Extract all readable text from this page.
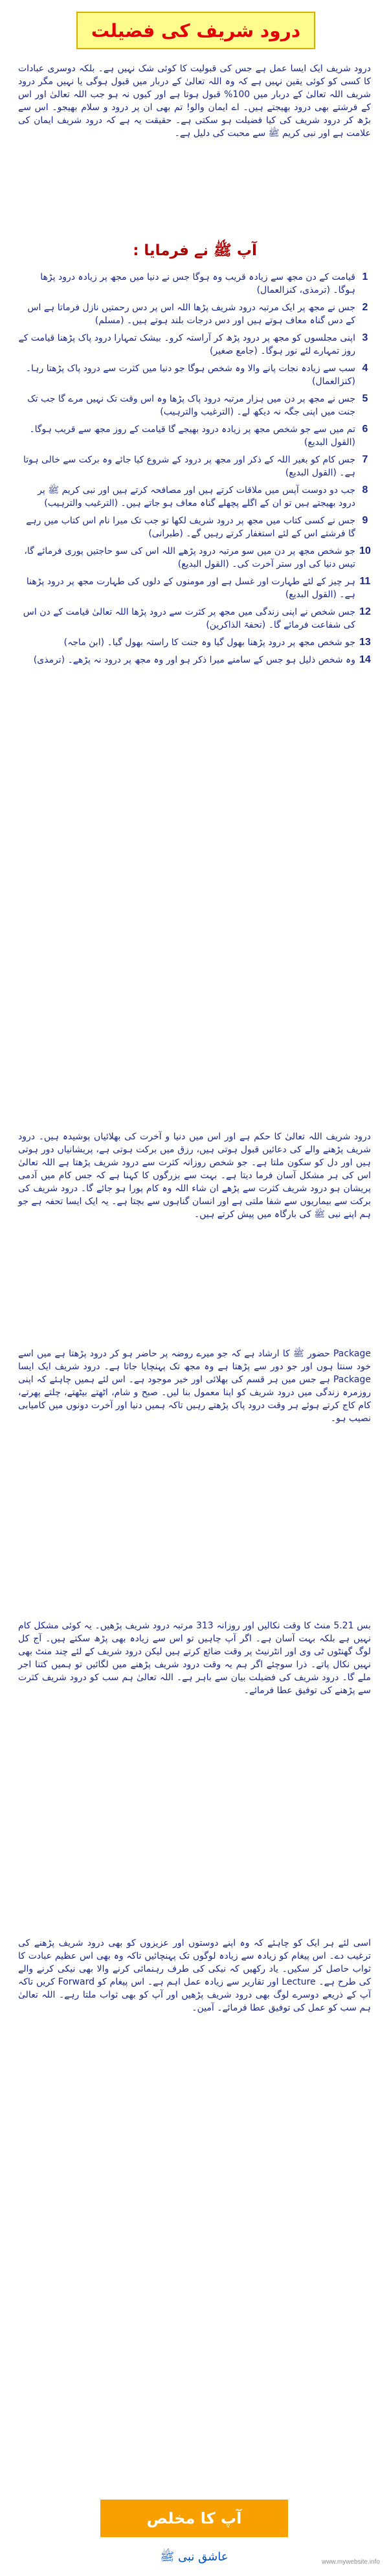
درود شریف کی فضیلت
درود شریف ایک ایسا عمل ہے جس کی قبولیت کا کوئی شک نہیں ہے۔ بلکہ دوسری عبادات کا کسی کو کوئی یقین نہیں ہے کہ وہ اللہ تعالیٰ کے دربار میں قبول ہوگی یا نہیں مگر درود شریف اللہ تعالیٰ کے دربار میں 100% قبول ہوتا ہے اور کیوں نہ ہو جب اللہ تعالیٰ اور اس کے فرشتے بھی درود بھیجتے ہیں۔ اے ایمان والو! تم بھی ان پر درود و سلام بھیجو۔ اس سے بڑھ کر درود شریف کی کیا فضیلت ہو سکتی ہے۔ حقیقت یہ ہے کہ درود شریف ایمان کی علامت ہے اور نبی کریم ﷺ سے محبت کی دلیل ہے۔
آپ ﷺ نے فرمایا :
1
قیامت کے دن مجھ سے زیادہ قریب وہ ہوگا جس نے دنیا میں مجھ پر زیادہ درود پڑھا ہوگا۔ (ترمذی، کنزالعمال)
2
جس نے مجھ پر ایک مرتبہ درود شریف پڑھا اللہ اس پر دس رحمتیں نازل فرماتا ہے اس کے دس گناہ معاف ہوتے ہیں اور دس درجات بلند ہوتے ہیں۔ (مسلم)
3
اپنی مجلسوں کو مجھ پر درود پڑھ کر آراستہ کرو۔ بیشک تمہارا درود پاک پڑھنا قیامت کے روز تمہارے لئے نور ہوگا۔ (جامع صغیر)
4
سب سے زیادہ نجات پانے والا وہ شخص ہوگا جو دنیا میں کثرت سے درود پاک پڑھتا رہا۔ (کنزالعمال)
5
جس نے مجھ پر دن میں ہزار مرتبہ درود پاک پڑھا وہ اس وقت تک نہیں مرے گا جب تک جنت میں اپنی جگہ نہ دیکھ لے۔ (الترغیب والترہیب)
6
تم میں سے جو شخص مجھ پر زیادہ درود بھیجے گا قیامت کے روز مجھ سے قریب ہوگا۔ (القول البدیع)
7
جس کام کو بغیر اللہ کے ذکر اور مجھ پر درود کے شروع کیا جائے وہ برکت سے خالی ہوتا ہے۔ (القول البدیع)
8
جب دو دوست آپس میں ملاقات کرتے ہیں اور مصافحہ کرتے ہیں اور نبی کریم ﷺ پر درود بھیجتے ہیں تو ان کے اگلے پچھلے گناہ معاف ہو جاتے ہیں۔ (الترغیب والترہیب)
9
جس نے کسی کتاب میں مجھ پر درود شریف لکھا تو جب تک میرا نام اس کتاب میں رہے گا فرشتے اس کے لئے استغفار کرتے رہیں گے۔ (طبرانی)
10
جو شخص مجھ پر دن میں سو مرتبہ درود پڑھے اللہ اس کی سو حاجتیں پوری فرمائے گا، تیس دنیا کی اور ستر آخرت کی۔ (القول البدیع)
11
ہر چیز کے لئے طہارت اور غسل ہے اور مومنوں کے دلوں کی طہارت مجھ پر درود پڑھنا ہے۔ (القول البدیع)
12
جس شخص نے اپنی زندگی میں مجھ پر کثرت سے درود پڑھا اللہ تعالیٰ قیامت کے دن اس کی شفاعت فرمائے گا۔ (تحفۃ الذاکرین)
13
جو شخص مجھ پر درود پڑھنا بھول گیا وہ جنت کا راستہ بھول گیا۔ (ابن ماجہ)
14
وہ شخص ذلیل ہو جس کے سامنے میرا ذکر ہو اور وہ مجھ پر درود نہ پڑھے۔ (ترمذی)
درود شریف اللہ تعالیٰ کا حکم ہے اور اس میں دنیا و آخرت کی بھلائیاں پوشیدہ ہیں۔ درود شریف پڑھنے والے کی دعائیں قبول ہوتی ہیں، رزق میں برکت ہوتی ہے، پریشانیاں دور ہوتی ہیں اور دل کو سکون ملتا ہے۔ جو شخص روزانہ کثرت سے درود شریف پڑھتا ہے اللہ تعالیٰ اس کی ہر مشکل آسان فرما دیتا ہے۔ بہت سے بزرگوں کا کہنا ہے کہ جس کام میں آدمی پریشان ہو درود شریف کثرت سے پڑھے ان شاء اللہ وہ کام پورا ہو جائے گا۔ درود شریف کی برکت سے بیماریوں سے شفا ملتی ہے اور انسان گناہوں سے بچتا ہے۔ یہ ایک ایسا تحفہ ہے جو ہم اپنے نبی ﷺ کی بارگاہ میں پیش کرتے ہیں۔
Package حضور ﷺ کا ارشاد ہے کہ جو میرے روضہ پر حاضر ہو کر درود پڑھتا ہے میں اسے خود سنتا ہوں اور جو دور سے پڑھتا ہے وہ مجھ تک پہنچایا جاتا ہے۔ درود شریف ایک ایسا Package ہے جس میں ہر قسم کی بھلائی اور خیر موجود ہے۔ اس لئے ہمیں چاہئے کہ اپنی روزمرہ زندگی میں درود شریف کو اپنا معمول بنا لیں۔ صبح و شام، اٹھتے بیٹھتے، چلتے پھرتے، کام کاج کرتے ہوئے ہر وقت درود پاک پڑھتے رہیں تاکہ ہمیں دنیا اور آخرت دونوں میں کامیابی نصیب ہو۔
بس 5.21 منٹ کا وقت نکالیں اور روزانہ 313 مرتبہ درود شریف پڑھیں۔ یہ کوئی مشکل کام نہیں ہے بلکہ بہت آسان ہے۔ اگر آپ چاہیں تو اس سے زیادہ بھی پڑھ سکتے ہیں۔ آج کل لوگ گھنٹوں ٹی وی اور انٹرنیٹ پر وقت ضائع کرتے ہیں لیکن درود شریف کے لئے چند منٹ بھی نہیں نکال پاتے۔ ذرا سوچئے اگر ہم یہ وقت درود شریف پڑھنے میں لگائیں تو ہمیں کتنا اجر ملے گا۔ درود شریف کی فضیلت بیان سے باہر ہے۔ اللہ تعالیٰ ہم سب کو درود شریف کثرت سے پڑھنے کی توفیق عطا فرمائے۔
اسی لئے ہر ایک کو چاہئے کہ وہ اپنے دوستوں اور عزیزوں کو بھی درود شریف پڑھنے کی ترغیب دے۔ اس پیغام کو زیادہ سے زیادہ لوگوں تک پہنچائیں تاکہ وہ بھی اس عظیم عبادت کا ثواب حاصل کر سکیں۔ یاد رکھیں کہ نیکی کی طرف رہنمائی کرنے والا بھی نیکی کرنے والے کی طرح ہے۔ Lecture اور تقاریر سے زیادہ عمل اہم ہے۔ اس پیغام کو Forward کریں تاکہ آپ کے ذریعے دوسرے لوگ بھی درود شریف پڑھیں اور آپ کو بھی ثواب ملتا رہے۔ اللہ تعالیٰ ہم سب کو عمل کی توفیق عطا فرمائے۔ آمین۔
آپ کا مخلص
عاشق نبی ﷺ	www.mywebsite.info
